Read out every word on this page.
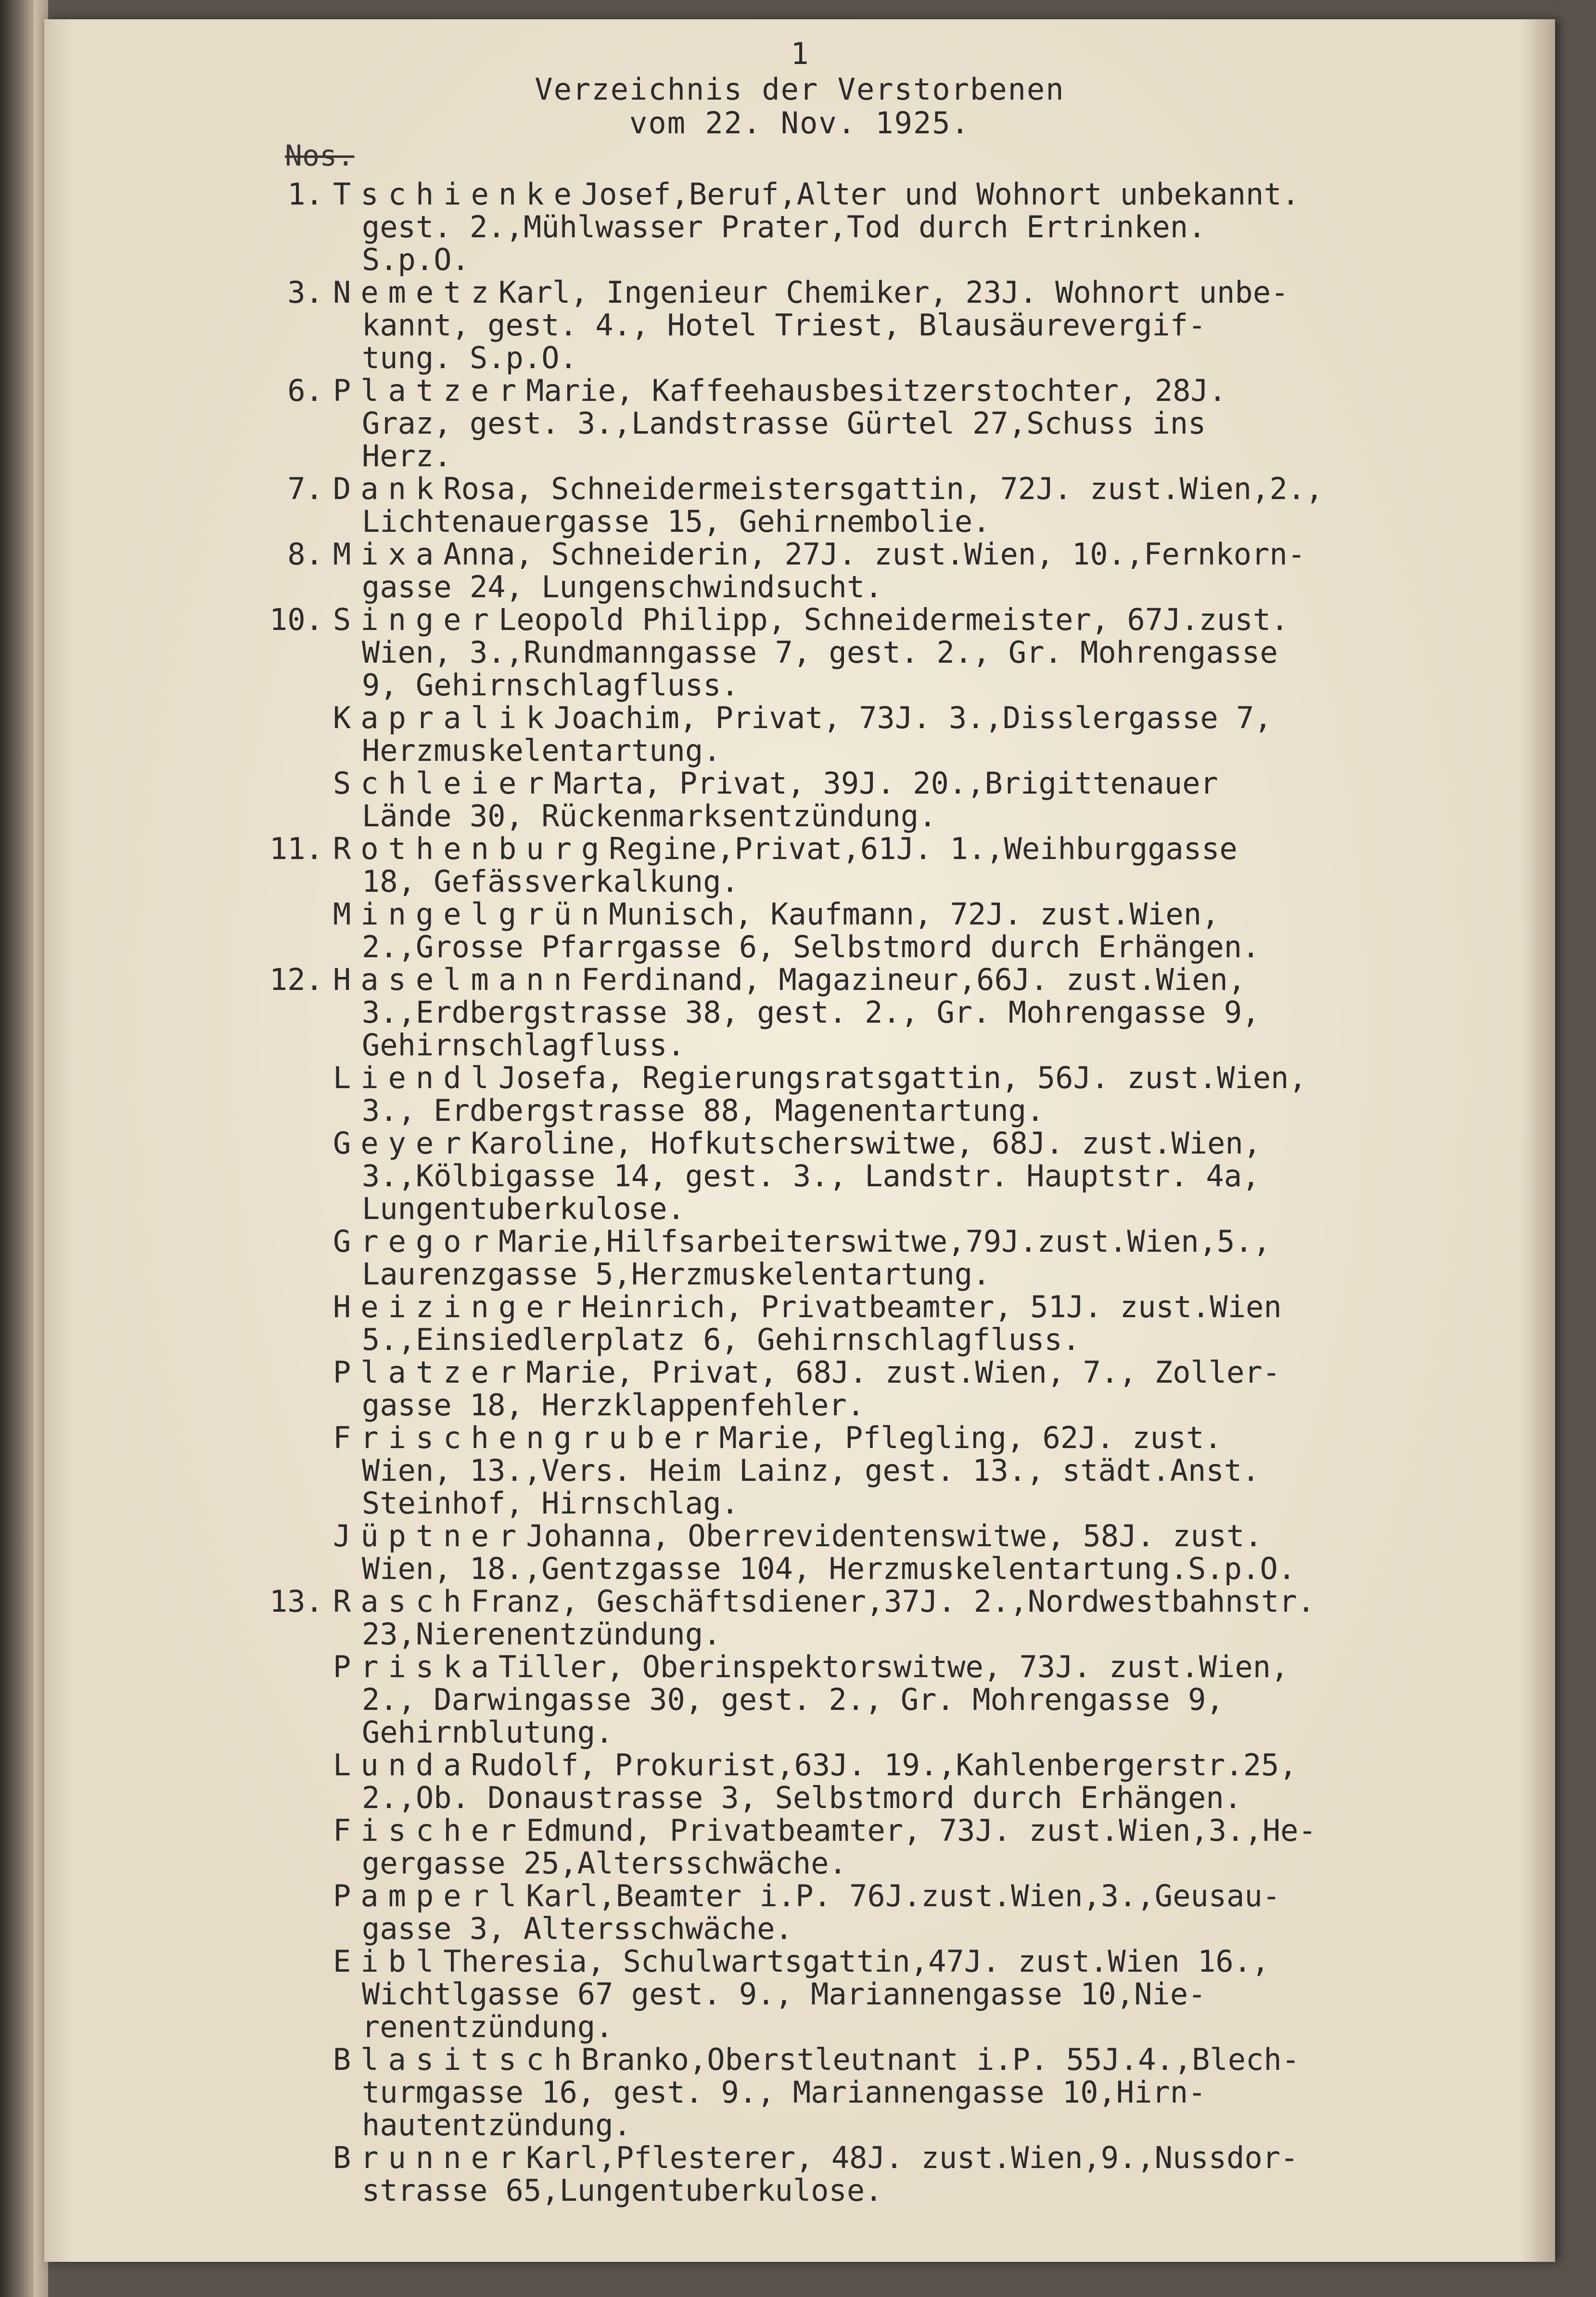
1
Verzeichnis der Verstorbenen
vom 22. Nov. 1925.
Nos.
1. TschienkeJosef,Beruf,Alter und Wohnort unbekannt.
gest. 2.,Mühlwasser Prater,Tod durch Ertrinken.
S.p.O.
3. NemetzKarl, Ingenieur Chemiker, 23J. Wohnort unbe-
kannt, gest. 4., Hotel Triest, Blausäurevergif-
tung. S.p.O.
6. PlatzerMarie, Kaffeehausbesitzerstochter, 28J.
Graz, gest. 3.,Landstrasse Gürtel 27,Schuss ins
Herz.
7. DankRosa, Schneidermeistersgattin, 72J. zust.Wien,2.,
Lichtenauergasse 15, Gehirnembolie.
8. MixaAnna, Schneiderin, 27J. zust.Wien, 10.,Fernkorn-
gasse 24, Lungenschwindsucht.
10. SingerLeopold Philipp, Schneidermeister, 67J.zust.
Wien, 3.,Rundmanngasse 7, gest. 2., Gr. Mohrengasse
9, Gehirnschlagfluss.
KapralikJoachim, Privat, 73J. 3.,Disslergasse 7,
Herzmuskelentartung.
SchleierMarta, Privat, 39J. 20.,Brigittenauer
Lände 30, Rückenmarksentzündung.
11. RothenburgRegine,Privat,61J. 1.,Weihburggasse
18, Gefässverkalkung.
MingelgrünMunisch, Kaufmann, 72J. zust.Wien,
2.,Grosse Pfarrgasse 6, Selbstmord durch Erhängen.
12. HaselmannFerdinand, Magazineur,66J. zust.Wien,
3.,Erdbergstrasse 38, gest. 2., Gr. Mohrengasse 9,
Gehirnschlagfluss.
LiendlJosefa, Regierungsratsgattin, 56J. zust.Wien,
3., Erdbergstrasse 88, Magenentartung.
GeyerKaroline, Hofkutscherswitwe, 68J. zust.Wien,
3.,Kölbigasse 14, gest. 3., Landstr. Hauptstr. 4a,
Lungentuberkulose.
GregorMarie,Hilfsarbeiterswitwe,79J.zust.Wien,5.,
Laurenzgasse 5,Herzmuskelentartung.
HeizingerHeinrich, Privatbeamter, 51J. zust.Wien
5.,Einsiedlerplatz 6, Gehirnschlagfluss.
PlatzerMarie, Privat, 68J. zust.Wien, 7., Zoller-
gasse 18, Herzklappenfehler.
FrischengruberMarie, Pflegling, 62J. zust.
Wien, 13.,Vers. Heim Lainz, gest. 13., städt.Anst.
Steinhof, Hirnschlag.
JüptnerJohanna, Oberrevidentenswitwe, 58J. zust.
Wien, 18.,Gentzgasse 104, Herzmuskelentartung.S.p.O.
13. RaschFranz, Geschäftsdiener,37J. 2.,Nordwestbahnstr.
23,Nierenentzündung.
PriskaTiller, Oberinspektorswitwe, 73J. zust.Wien,
2., Darwingasse 30, gest. 2., Gr. Mohrengasse 9,
Gehirnblutung.
LundaRudolf, Prokurist,63J. 19.,Kahlenbergerstr.25,
2.,Ob. Donaustrasse 3, Selbstmord durch Erhängen.
FischerEdmund, Privatbeamter, 73J. zust.Wien,3.,He-
gergasse 25,Altersschwäche.
PamperlKarl,Beamter i.P. 76J.zust.Wien,3.,Geusau-
gasse 3, Altersschwäche.
EiblTheresia, Schulwartsgattin,47J. zust.Wien 16.,
Wichtlgasse 67 gest. 9., Mariannengasse 10,Nie-
renentzündung.
BlasitschBranko,Oberstleutnant i.P. 55J.4.,Blech-
turmgasse 16, gest. 9., Mariannengasse 10,Hirn-
hautentzündung.
BrunnerKarl,Pflesterer, 48J. zust.Wien,9.,Nussdor-
strasse 65,Lungentuberkulose.
